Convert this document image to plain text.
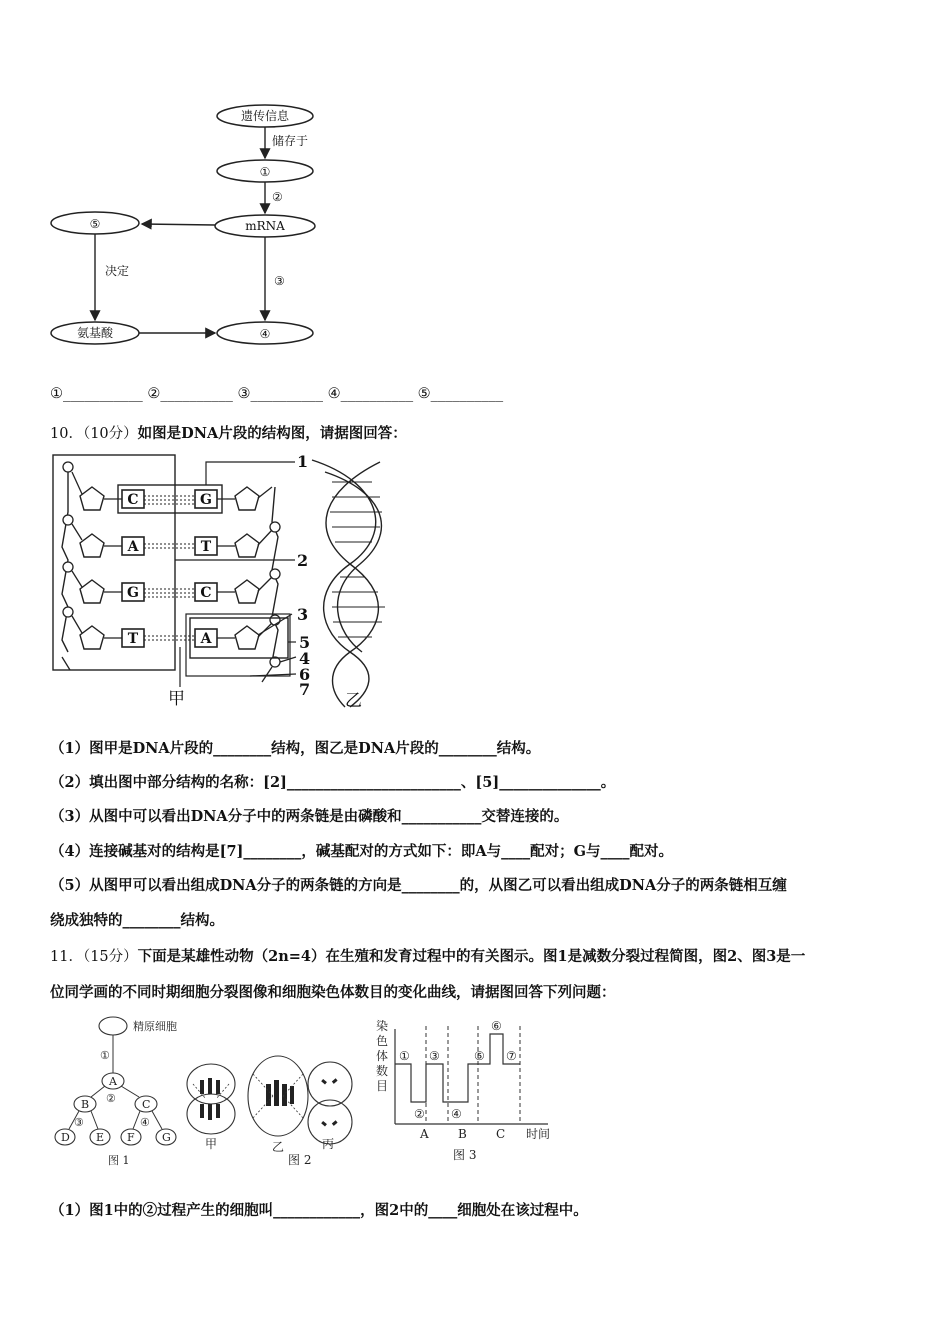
遗传信息
储存于
①
②
mRNA
⑤
决定
③
氨基酸	④
①___________ ②__________ ③__________ ④__________ ⑤__________
10．（10分）如图是DNA片段的结构图，请据图回答：
C
A
G
T
G
T
C
A
1
2
3
5
4
6
7
甲	乙
（1）图甲是DNA片段的________结构，图乙是DNA片段的________结构。
（2）填出图中部分结构的名称：[2]________________________、[5]______________。
（3）从图中可以看出DNA分子中的两条链是由磷酸和___________交替连接的。
（4）连接碱基对的结构是[7]________，碱基配对的方式如下：即A与____配对；G与____配对。
（5）从图甲可以看出组成DNA分子的两条链的方向是________的，从图乙可以看出组成DNA分子的两条链相互缠
绕成独特的________结构。
11．（15分）下面是某雄性动物（2n=4）在生殖和发育过程中的有关图示。图1是减数分裂过程简图，图2、图3是一
位同学画的不同时期细胞分裂图像和细胞染色体数目的变化曲线，请据图回答下列问题：
精原细胞
①
A
②
B	C
③	④
D E F G
图 1
甲	乙	丙
图 2
染
色
体
数
目
①
②
③
④
⑤
⑥
⑦
A B C 时间
图 3
（1）图1中的②过程产生的细胞叫____________，图2中的____细胞处在该过程中。
